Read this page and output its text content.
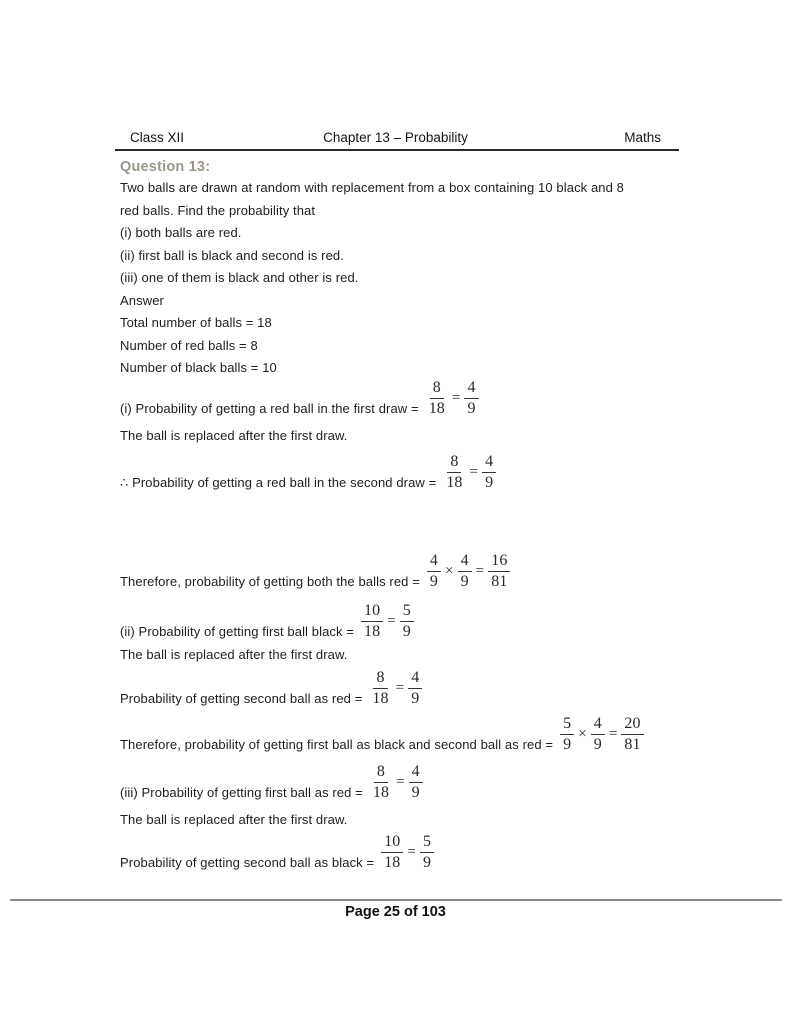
Class XII	Chapter 13 – Probability	Maths
Question 13:
Two balls are drawn at random with replacement from a box containing 10 black and 8
red balls. Find the probability that
(i) both balls are red.
(ii) first ball is black and second is red.
(iii) one of them is black and other is red.
Answer
Total number of balls = 18
Number of red balls = 8
Number of black balls = 10
(i) Probability of getting a red ball in the first draw = $\frac{8}{18} = \frac{4}{9}$
The ball is replaced after the first draw.
∴ Probability of getting a red ball in the second draw = $\frac{8}{18} = \frac{4}{9}$
Therefore, probability of getting both the balls red = $\frac{4}{9} \times \frac{4}{9} = \frac{16}{81}$
(ii) Probability of getting first ball black = $\frac{10}{18} = \frac{5}{9}$
The ball is replaced after the first draw.
Probability of getting second ball as red = $\frac{8}{18} = \frac{4}{9}$
Therefore, probability of getting first ball as black and second ball as red = $\frac{5}{9} \times \frac{4}{9} = \frac{20}{81}$
(iii) Probability of getting first ball as red = $\frac{8}{18} = \frac{4}{9}$
The ball is replaced after the first draw.
Probability of getting second ball as black = $\frac{10}{18} = \frac{5}{9}$
Page 25 of 103
